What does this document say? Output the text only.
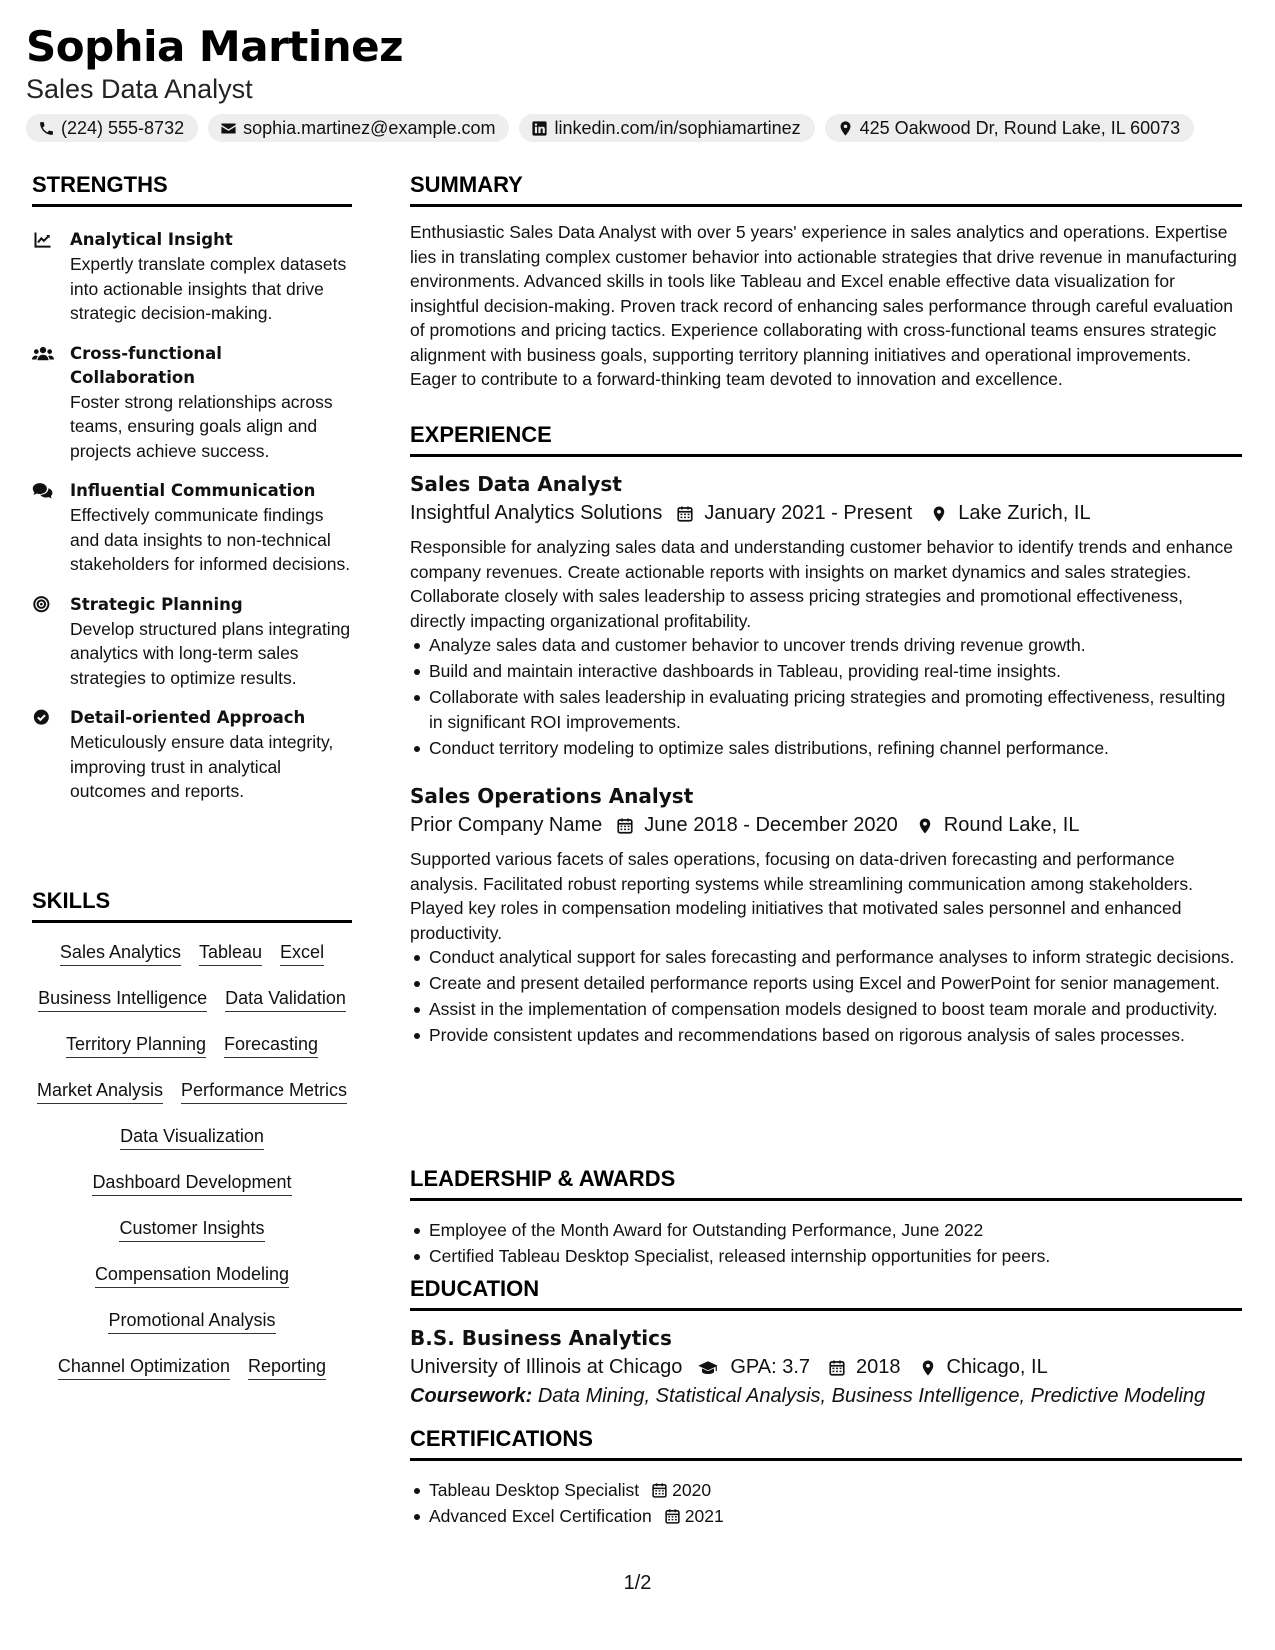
Sophia Martinez
Sales Data Analyst
(224) 555-8732	sophia.martinez@example.com	linkedin.com/in/sophiamartinez	425 Oakwood Dr, Round Lake, IL 60073
STRENGTHS
Analytical Insight
Expertly translate complex datasets into actionable insights that drive strategic decision-making.
Cross-functional Collaboration
Foster strong relationships across teams, ensuring goals align and projects achieve success.
Influential Communication
Effectively communicate findings and data insights to non-technical stakeholders for informed decisions.
Strategic Planning
Develop structured plans integrating analytics with long-term sales strategies to optimize results.
Detail-oriented Approach
Meticulously ensure data integrity, improving trust in analytical outcomes and reports.
SKILLS
Sales Analytics Tableau Excel
Business Intelligence Data Validation
Territory Planning Forecasting
Market Analysis Performance Metrics
Data Visualization
Dashboard Development
Customer Insights
Compensation Modeling
Promotional Analysis
Channel Optimization Reporting
SUMMARY
Enthusiastic Sales Data Analyst with over 5 years' experience in sales analytics and operations. Expertise lies in translating complex customer behavior into actionable strategies that drive revenue in manufacturing environments. Advanced skills in tools like Tableau and Excel enable effective data visualization for insightful decision-making. Proven track record of enhancing sales performance through careful evaluation of promotions and pricing tactics. Experience collaborating with cross-functional teams ensures strategic alignment with business goals, supporting territory planning initiatives and operational improvements. Eager to contribute to a forward-thinking team devoted to innovation and excellence.
EXPERIENCE
Sales Data Analyst
Insightful Analytics Solutions January 2021 - Present Lake Zurich, IL
Responsible for analyzing sales data and understanding customer behavior to identify trends and enhance company revenues. Create actionable reports with insights on market dynamics and sales strategies. Collaborate closely with sales leadership to assess pricing strategies and promotional effectiveness, directly impacting organizational profitability.
Analyze sales data and customer behavior to uncover trends driving revenue growth.
Build and maintain interactive dashboards in Tableau, providing real-time insights.
Collaborate with sales leadership in evaluating pricing strategies and promoting effectiveness, resulting in significant ROI improvements.
Conduct territory modeling to optimize sales distributions, refining channel performance.
Sales Operations Analyst
Prior Company Name June 2018 - December 2020 Round Lake, IL
Supported various facets of sales operations, focusing on data-driven forecasting and performance analysis. Facilitated robust reporting systems while streamlining communication among stakeholders. Played key roles in compensation modeling initiatives that motivated sales personnel and enhanced productivity.
Conduct analytical support for sales forecasting and performance analyses to inform strategic decisions.
Create and present detailed performance reports using Excel and PowerPoint for senior management.
Assist in the implementation of compensation models designed to boost team morale and productivity.
Provide consistent updates and recommendations based on rigorous analysis of sales processes.
LEADERSHIP & AWARDS
Employee of the Month Award for Outstanding Performance, June 2022
Certified Tableau Desktop Specialist, released internship opportunities for peers.
EDUCATION
B.S. Business Analytics
University of Illinois at Chicago GPA: 3.7 2018 Chicago, IL
Coursework: Data Mining, Statistical Analysis, Business Intelligence, Predictive Modeling
CERTIFICATIONS
Tableau Desktop Specialist 2020
Advanced Excel Certification 2021
1/2
